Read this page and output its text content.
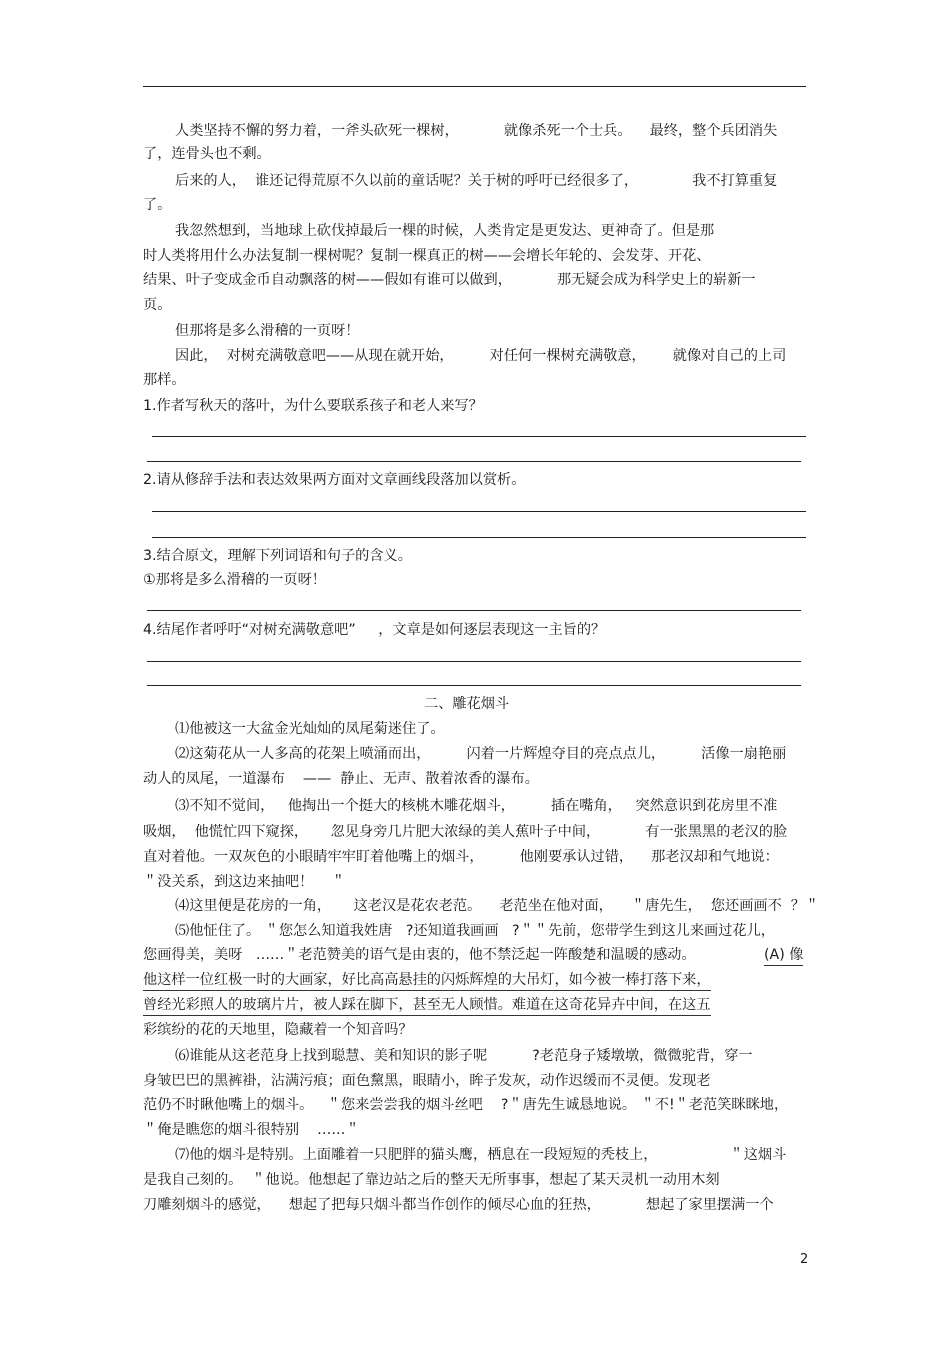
人类坚持不懈的努力着，一斧头砍死一棵树，          就像杀死一个士兵。    最终，整个兵团消失

了，连骨头也不剩。

后来的人，  谁还记得荒原不久以前的童话呢？关于树的呼吁已经很多了，            我不打算重复

了。

我忽然想到，当地球上砍伐掉最后一棵的时候，人类肯定是更发达、更神奇了。但是那

时人类将用什么办法复制一棵树呢？复制一棵真正的树——会增长年轮的、会发芽、开花、

结果、叶子变成金币自动飘落的树——假如有谁可以做到，          那无疑会成为科学史上的崭新一

页。

但那将是多么滑稽的一页呀！

因此，  对树充满敬意吧——从现在就开始，        对任何一棵树充满敬意，      就像对自己的上司

那样。

1.作者写秋天的落叶，为什么要联系孩子和老人来写？

2.请从修辞手法和表达效果两方面对文章画线段落加以赏析。

3.结合原文，理解下列词语和句子的含义。

①那将是多么滑稽的一页呀！

4.结尾作者呼吁“对树充满敬意吧”     ，文章是如何逐层表现这一主旨的？

二、雕花烟斗

⑴他被这一大盆金光灿灿的凤尾菊迷住了。

⑵这菊花从一人多高的花架上喷涌而出，        闪着一片辉煌夺目的亮点点儿，        活像一扇艳丽

动人的凤尾，一道瀑布    ——  静止、无声、散着浓香的瀑布。

⑶不知不觉间，   他掏出一个挺大的核桃木雕花烟斗，        插在嘴角，   突然意识到花房里不准

吸烟，  他慌忙四下窥探，     忽见身旁几片肥大浓绿的美人蕉叶子中间，          有一张黑黑的老汉的脸

直对着他。一双灰色的小眼睛牢牢盯着他嘴上的烟斗，        他刚要承认过错，    那老汉却和气地说：

＂没关系，到这边来抽吧！    ＂

⑷这里便是花房的一角，     这老汉是花农老范。    老范坐在他对面，    ＂唐先生，  您还画画不  ？＂

⑸他怔住了。 ＂您怎么知道我姓唐   ?还知道我画画   ?＂＂先前，您带学生到这儿来画过花儿，

您画得美，美呀   ……＂老范赞美的语气是由衷的，他不禁泛起一阵酸楚和温暖的感动。	(A) 像

他这样一位红极一时的大画家，好比高高悬挂的闪烁辉煌的大吊灯，如今被一棒打落下来，

曾经光彩照人的玻璃片片，被人踩在脚下，甚至无人顾惜。难道在这奇花异卉中间，在这五

彩缤纷的花的天地里，隐藏着一个知音吗？

⑹谁能从这老范身上找到聪慧、美和知识的影子呢          ?老范身子矮墩墩，微微驼背，穿一

身皱巴巴的黑裤褂，沾满污痕；面色黧黑，眼睛小，眸子发灰，动作迟缓而不灵便。发现老

范仍不时瞅他嘴上的烟斗。   ＂您来尝尝我的烟斗丝吧    ?＂唐先生诚恳地说。 ＂不!＂老范笑眯眯地，

＂俺是瞧您的烟斗很特别    ……＂

⑺他的烟斗是特别。上面雕着一只肥胖的猫头鹰，栖息在一段短短的秃枝上，                ＂这烟斗

是我自己刻的。  ＂他说。他想起了靠边站之后的整天无所事事，想起了某天灵机一动用木刻

刀雕刻烟斗的感觉，    想起了把每只烟斗都当作创作的倾尽心血的狂热，          想起了家里摆满一个

2
